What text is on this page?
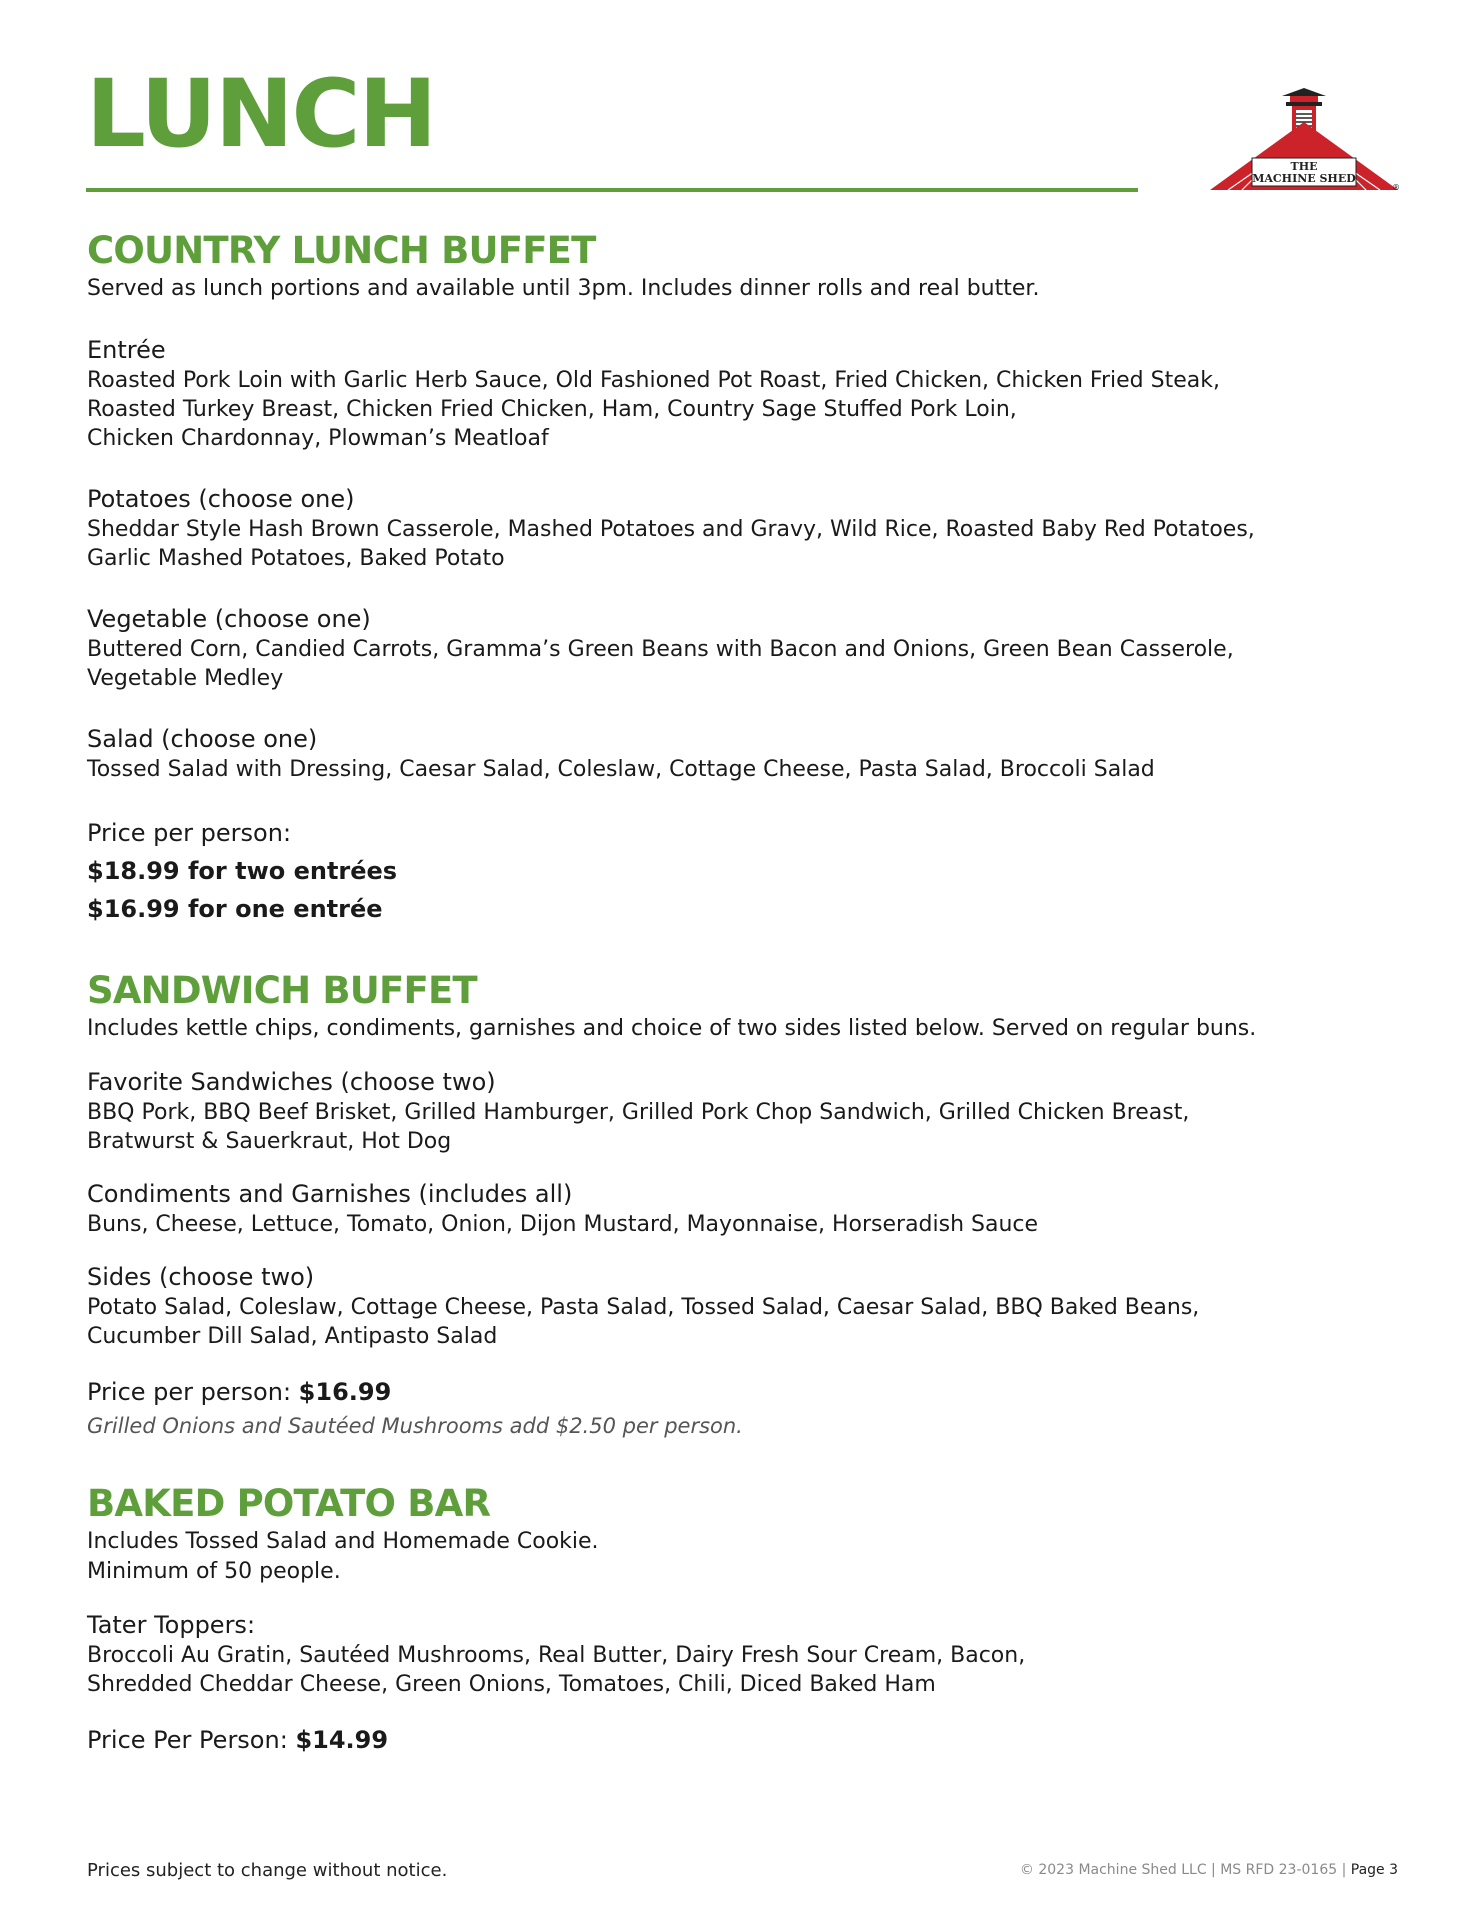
LUNCH	THE
MACHINE SHED
®
COUNTRY LUNCH BUFFET

Served as lunch portions and available until 3pm. Includes dinner rolls and real butter.

Entrée

Roasted Pork Loin with Garlic Herb Sauce, Old Fashioned Pot Roast, Fried Chicken, Chicken Fried Steak,

Roasted Turkey Breast, Chicken Fried Chicken, Ham, Country Sage Stuffed Pork Loin,

Chicken Chardonnay, Plowman’s Meatloaf

Potatoes (choose one)

Sheddar Style Hash Brown Casserole, Mashed Potatoes and Gravy, Wild Rice, Roasted Baby Red Potatoes,

Garlic Mashed Potatoes, Baked Potato

Vegetable (choose one)

Buttered Corn, Candied Carrots, Gramma’s Green Beans with Bacon and Onions, Green Bean Casserole,

Vegetable Medley

Salad (choose one)

Tossed Salad with Dressing, Caesar Salad, Coleslaw, Cottage Cheese, Pasta Salad, Broccoli Salad

Price per person:

$18.99 for two entrées

$16.99 for one entrée

SANDWICH BUFFET

Includes kettle chips, condiments, garnishes and choice of two sides listed below. Served on regular buns.

Favorite Sandwiches (choose two)

BBQ Pork, BBQ Beef Brisket, Grilled Hamburger, Grilled Pork Chop Sandwich, Grilled Chicken Breast,

Bratwurst & Sauerkraut, Hot Dog

Condiments and Garnishes (includes all)

Buns, Cheese, Lettuce, Tomato, Onion, Dijon Mustard, Mayonnaise, Horseradish Sauce

Sides (choose two)

Potato Salad, Coleslaw, Cottage Cheese, Pasta Salad, Tossed Salad, Caesar Salad, BBQ Baked Beans,

Cucumber Dill Salad, Antipasto Salad

Price per person: $16.99

Grilled Onions and Sautéed Mushrooms add $2.50 per person.

BAKED POTATO BAR

Includes Tossed Salad and Homemade Cookie.

Minimum of 50 people.

Tater Toppers:

Broccoli Au Gratin, Sautéed Mushrooms, Real Butter, Dairy Fresh Sour Cream, Bacon,

Shredded Cheddar Cheese, Green Onions, Tomatoes, Chili, Diced Baked Ham

Price Per Person: $14.99

Prices subject to change without notice.	© 2023 Machine Shed LLC | MS RFD 23-0165 | Page 3
